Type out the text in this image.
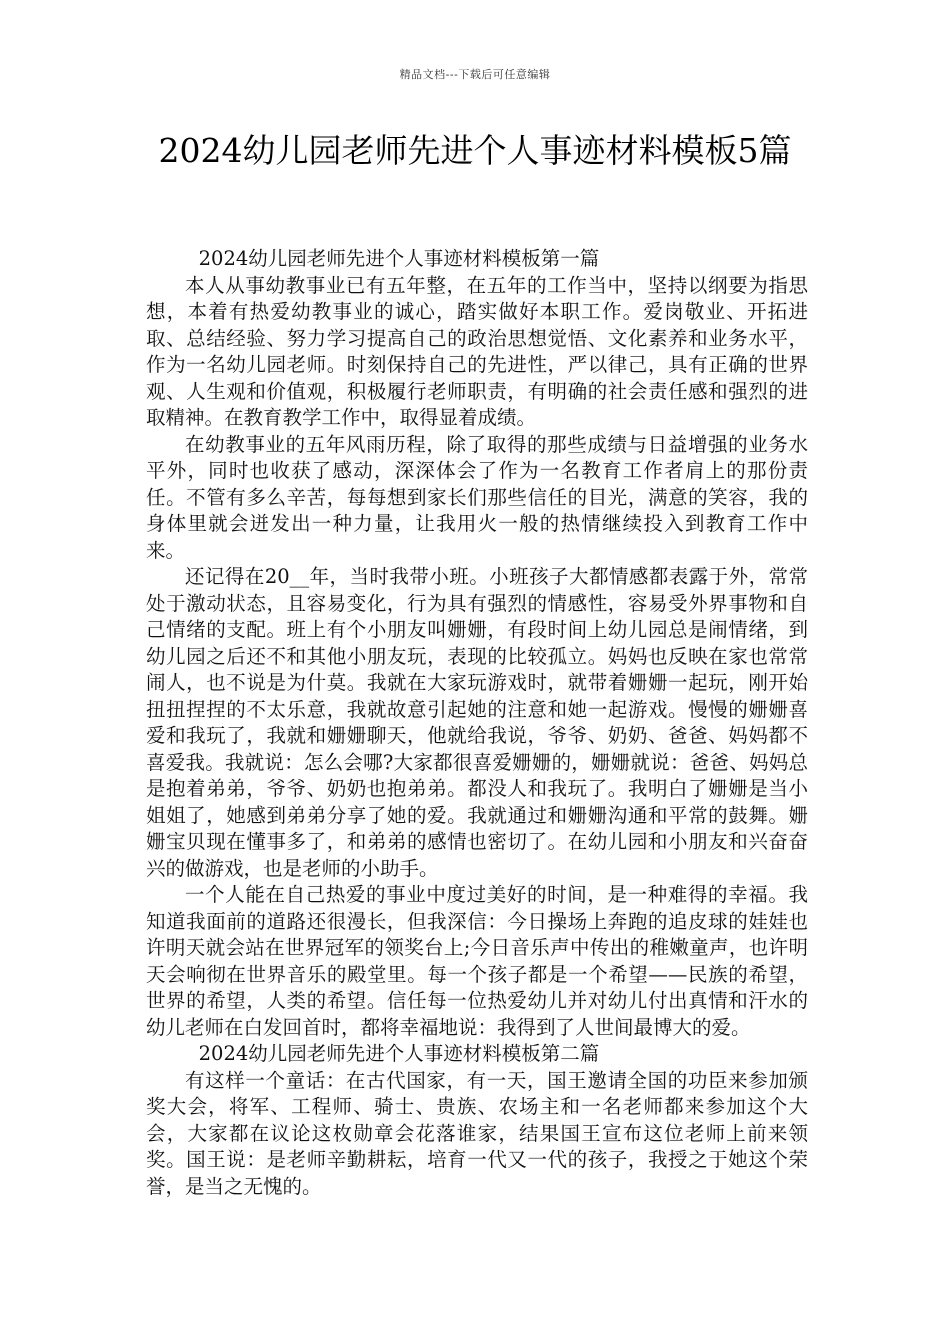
精品文档---下载后可任意编辑
2024幼儿园老师先进个人事迹材料模板5篇
2024幼儿园老师先进个人事迹材料模板第一篇

本人从事幼教事业已有五年整，在五年的工作当中，坚持以纲要为指思想，本着有热爱幼教事业的诚心，踏实做好本职工作。爱岗敬业、开拓进取、总结经验、努力学习提高自己的政治思想觉悟、文化素养和业务水平，作为一名幼儿园老师。时刻保持自己的先进性，严以律己，具有正确的世界观、人生观和价值观，积极履行老师职责，有明确的社会责任感和强烈的进取精神。在教育教学工作中，取得显着成绩。

在幼教事业的五年风雨历程，除了取得的那些成绩与日益增强的业务水平外，同时也收获了感动，深深体会了作为一名教育工作者肩上的那份责任。不管有多么辛苦，每每想到家长们那些信任的目光，满意的笑容，我的身体里就会迸发出一种力量，让我用火一般的热情继续投入到教育工作中来。

还记得在20__年，当时我带小班。小班孩子大都情感都表露于外，常常处于激动状态，且容易变化，行为具有强烈的情感性，容易受外界事物和自己情绪的支配。班上有个小朋友叫姗姗，有段时间上幼儿园总是闹情绪，到幼儿园之后还不和其他小朋友玩，表现的比较孤立。妈妈也反映在家也常常闹人，也不说是为什莫。我就在大家玩游戏时，就带着姗姗一起玩，刚开始扭扭捏捏的不太乐意，我就故意引起她的注意和她一起游戏。慢慢的姗姗喜爱和我玩了，我就和姗姗聊天，他就给我说，爷爷、奶奶、爸爸、妈妈都不喜爱我。我就说：怎么会哪?大家都很喜爱姗姗的，姗姗就说：爸爸、妈妈总是抱着弟弟，爷爷、奶奶也抱弟弟。都没人和我玩了。我明白了姗姗是当小姐姐了，她感到弟弟分享了她的爱。我就通过和姗姗沟通和平常的鼓舞。姗姗宝贝现在懂事多了，和弟弟的感情也密切了。在幼儿园和小朋友和兴奋奋兴的做游戏，也是老师的小助手。

一个人能在自己热爱的事业中度过美好的时间，是一种难得的幸福。我知道我面前的道路还很漫长，但我深信：今日操场上奔跑的追皮球的娃娃也许明天就会站在世界冠军的领奖台上;今日音乐声中传出的稚嫩童声，也许明天会响彻在世界音乐的殿堂里。每一个孩子都是一个希望——民族的希望，世界的希望，人类的希望。信任每一位热爱幼儿并对幼儿付出真情和汗水的幼儿老师在白发回首时，都将幸福地说：我得到了人世间最博大的爱。

2024幼儿园老师先进个人事迹材料模板第二篇

有这样一个童话：在古代国家，有一天，国王邀请全国的功臣来参加颁奖大会，将军、工程师、骑士、贵族、农场主和一名老师都来参加这个大会，大家都在议论这枚勋章会花落谁家，结果国王宣布这位老师上前来领奖。国王说：是老师辛勤耕耘，培育一代又一代的孩子，我授之于她这个荣誉，是当之无愧的。
